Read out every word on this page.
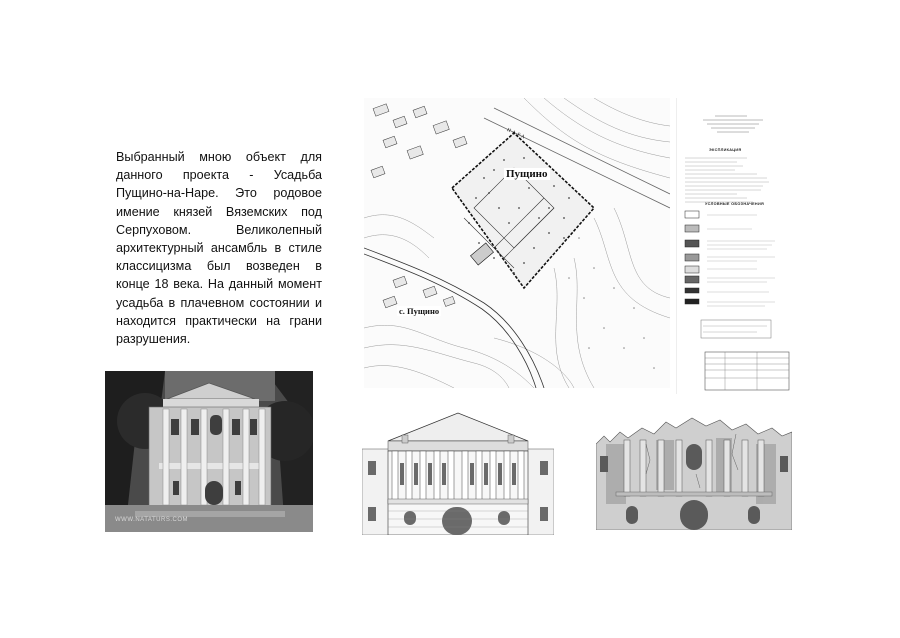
Выбранный мною объект для данного проекта - Усадьба Пущино-на-Наре. Это родовое имение князей Вяземских под Серпуховом. Великолепный архитектурный ансамбль в стиле классицизма был возведен в конце 18 века. На данный момент усадьба в плачевном состоянии и находится практически на грани разрушения.
WWW.NATATURS.COM
НАРА
Пущино
с. Пущино
ЭКСПЛИКАЦИЯ
УСЛОВНЫЕ ОБОЗНАЧЕНИЯ
